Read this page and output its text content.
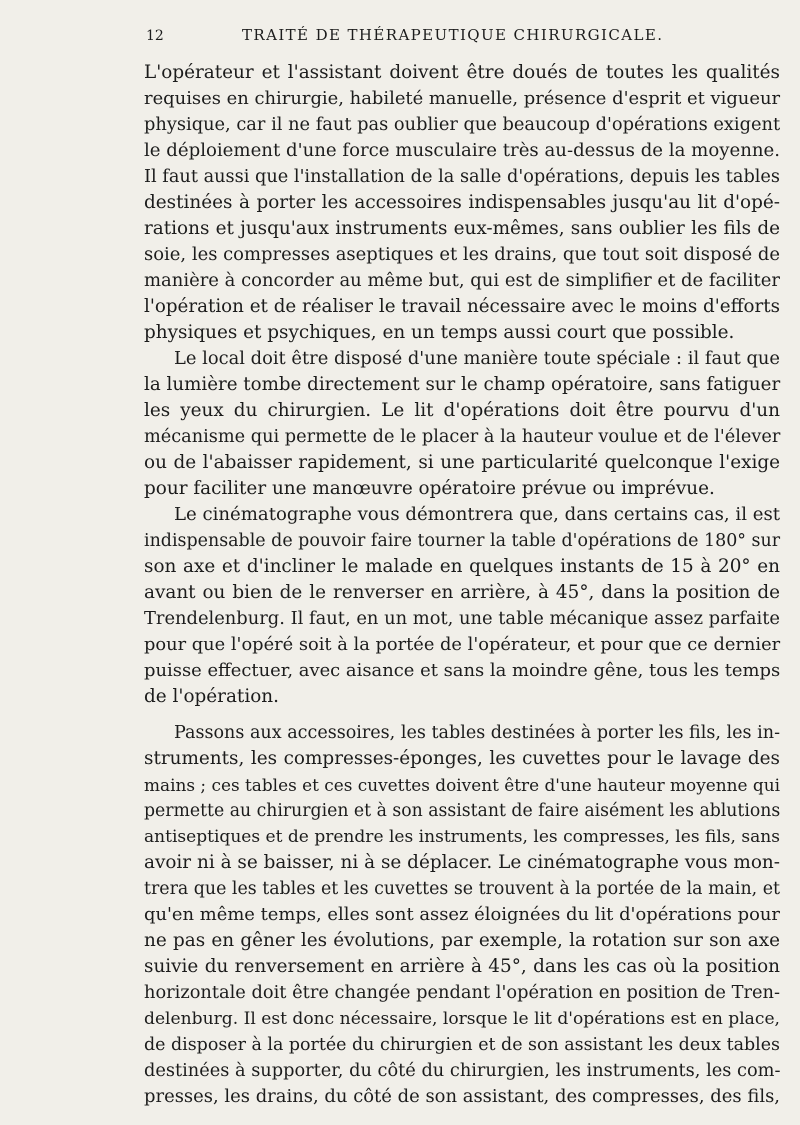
12	TRAITÉ DE THÉRAPEUTIQUE CHIRURGICALE.

L'opérateur et l'assistant doivent être doués de toutes les qualités
requises en chirurgie, habileté manuelle, présence d'esprit et vigueur
physique, car il ne faut pas oublier que beaucoup d'opérations exigent
le déploiement d'une force musculaire très au-dessus de la moyenne.
Il faut aussi que l'installation de la salle d'opérations, depuis les tables
destinées à porter les accessoires indispensables jusqu'au lit d'opé-
rations et jusqu'aux instruments eux-mêmes, sans oublier les fils de
soie, les compresses aseptiques et les drains, que tout soit disposé de
manière à concorder au même but, qui est de simplifier et de faciliter
l'opération et de réaliser le travail nécessaire avec le moins d'efforts
physiques et psychiques, en un temps aussi court que possible.

Le local doit être disposé d'une manière toute spéciale : il faut que
la lumière tombe directement sur le champ opératoire, sans fatiguer
les yeux du chirurgien. Le lit d'opérations doit être pourvu d'un
mécanisme qui permette de le placer à la hauteur voulue et de l'élever
ou de l'abaisser rapidement, si une particularité quelconque l'exige
pour faciliter une manœuvre opératoire prévue ou imprévue.

Le cinématographe vous démontrera que, dans certains cas, il est
indispensable de pouvoir faire tourner la table d'opérations de 180° sur
son axe et d'incliner le malade en quelques instants de 15 à 20° en
avant ou bien de le renverser en arrière, à 45°, dans la position de
Trendelenburg. Il faut, en un mot, une table mécanique assez parfaite
pour que l'opéré soit à la portée de l'opérateur, et pour que ce dernier
puisse effectuer, avec aisance et sans la moindre gêne, tous les temps
de l'opération.

Passons aux accessoires, les tables destinées à porter les fils, les in-
struments, les compresses-éponges, les cuvettes pour le lavage des
mains ; ces tables et ces cuvettes doivent être d'une hauteur moyenne qui
permette au chirurgien et à son assistant de faire aisément les ablutions
antiseptiques et de prendre les instruments, les compresses, les fils, sans
avoir ni à se baisser, ni à se déplacer. Le cinématographe vous mon-
trera que les tables et les cuvettes se trouvent à la portée de la main, et
qu'en même temps, elles sont assez éloignées du lit d'opérations pour
ne pas en gêner les évolutions, par exemple, la rotation sur son axe
suivie du renversement en arrière à 45°, dans les cas où la position
horizontale doit être changée pendant l'opération en position de Tren-
delenburg. Il est donc nécessaire, lorsque le lit d'opérations est en place,
de disposer à la portée du chirurgien et de son assistant les deux tables
destinées à supporter, du côté du chirurgien, les instruments, les com-
presses, les drains, du côté de son assistant, des compresses, des fils,
